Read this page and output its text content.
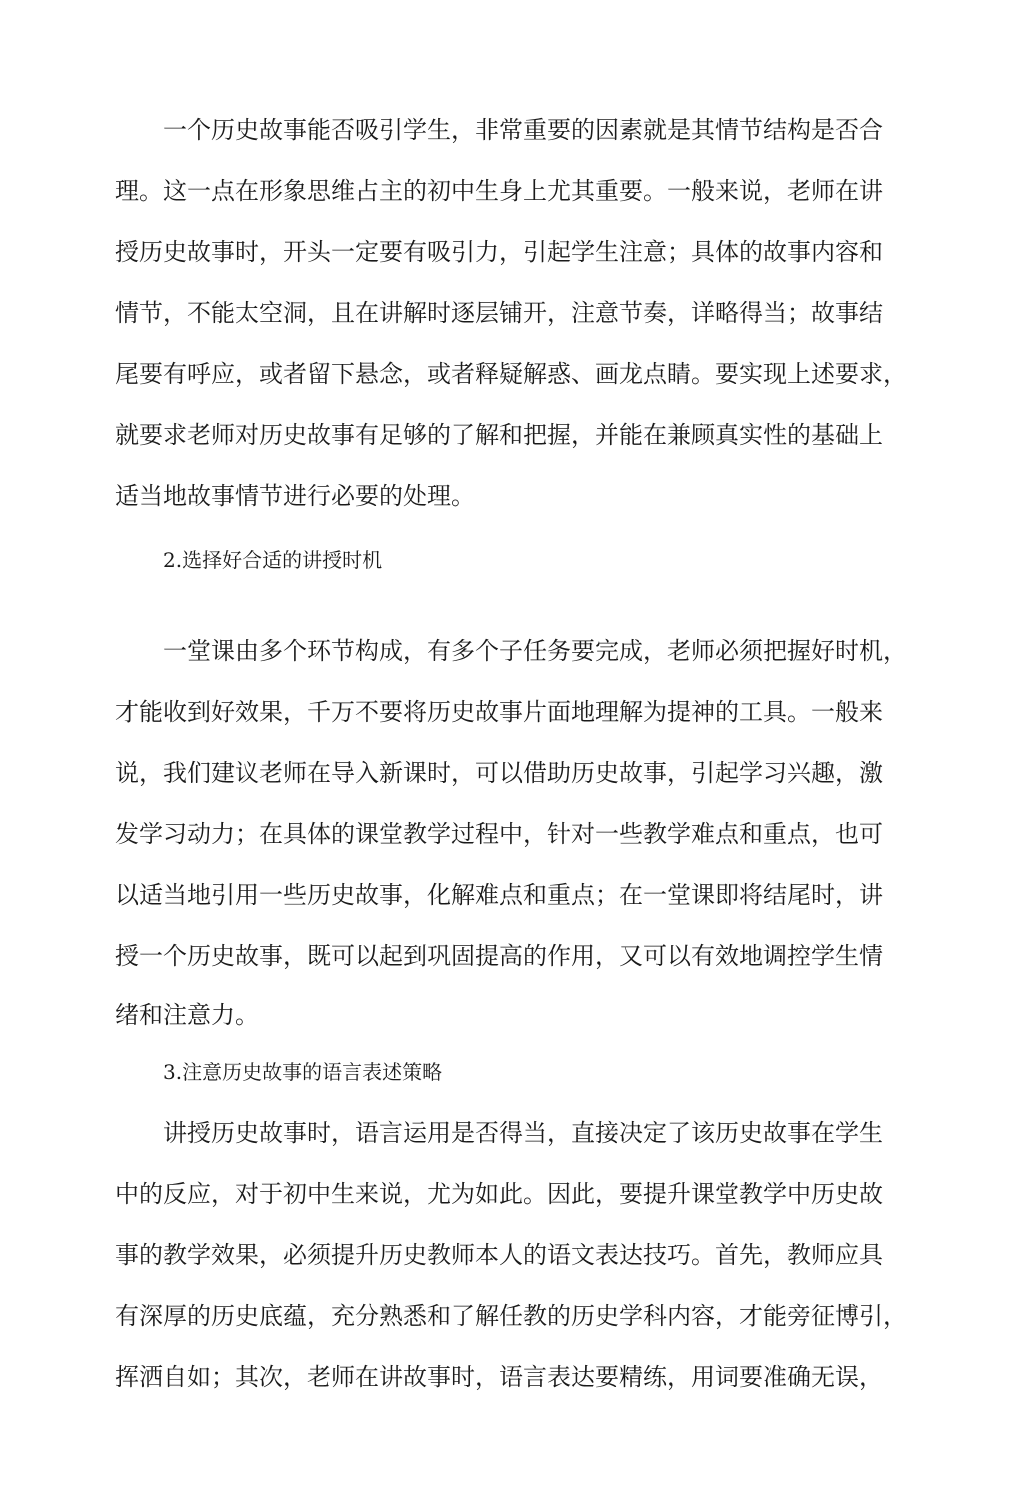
一个历史故事能否吸引学生，非常重要的因素就是其情节结构是否合
理。这一点在形象思维占主的初中生身上尤其重要。一般来说，老师在讲
授历史故事时，开头一定要有吸引力，引起学生注意；具体的故事内容和
情节，不能太空洞，且在讲解时逐层铺开，注意节奏，详略得当；故事结
尾要有呼应，或者留下悬念，或者释疑解惑、画龙点睛。要实现上述要求，
就要求老师对历史故事有足够的了解和把握，并能在兼顾真实性的基础上
适当地故事情节进行必要的处理。
2.选择好合适的讲授时机
一堂课由多个环节构成，有多个子任务要完成，老师必须把握好时机，
才能收到好效果，千万不要将历史故事片面地理解为提神的工具。一般来
说，我们建议老师在导入新课时，可以借助历史故事，引起学习兴趣，激
发学习动力；在具体的课堂教学过程中，针对一些教学难点和重点，也可
以适当地引用一些历史故事，化解难点和重点；在一堂课即将结尾时，讲
授一个历史故事，既可以起到巩固提高的作用，又可以有效地调控学生情
绪和注意力。
3.注意历史故事的语言表述策略
讲授历史故事时，语言运用是否得当，直接决定了该历史故事在学生
中的反应，对于初中生来说，尤为如此。因此，要提升课堂教学中历史故
事的教学效果，必须提升历史教师本人的语文表达技巧。首先，教师应具
有深厚的历史底蕴，充分熟悉和了解任教的历史学科内容，才能旁征博引，
挥洒自如；其次，老师在讲故事时，语言表达要精练，用词要准确无误，
